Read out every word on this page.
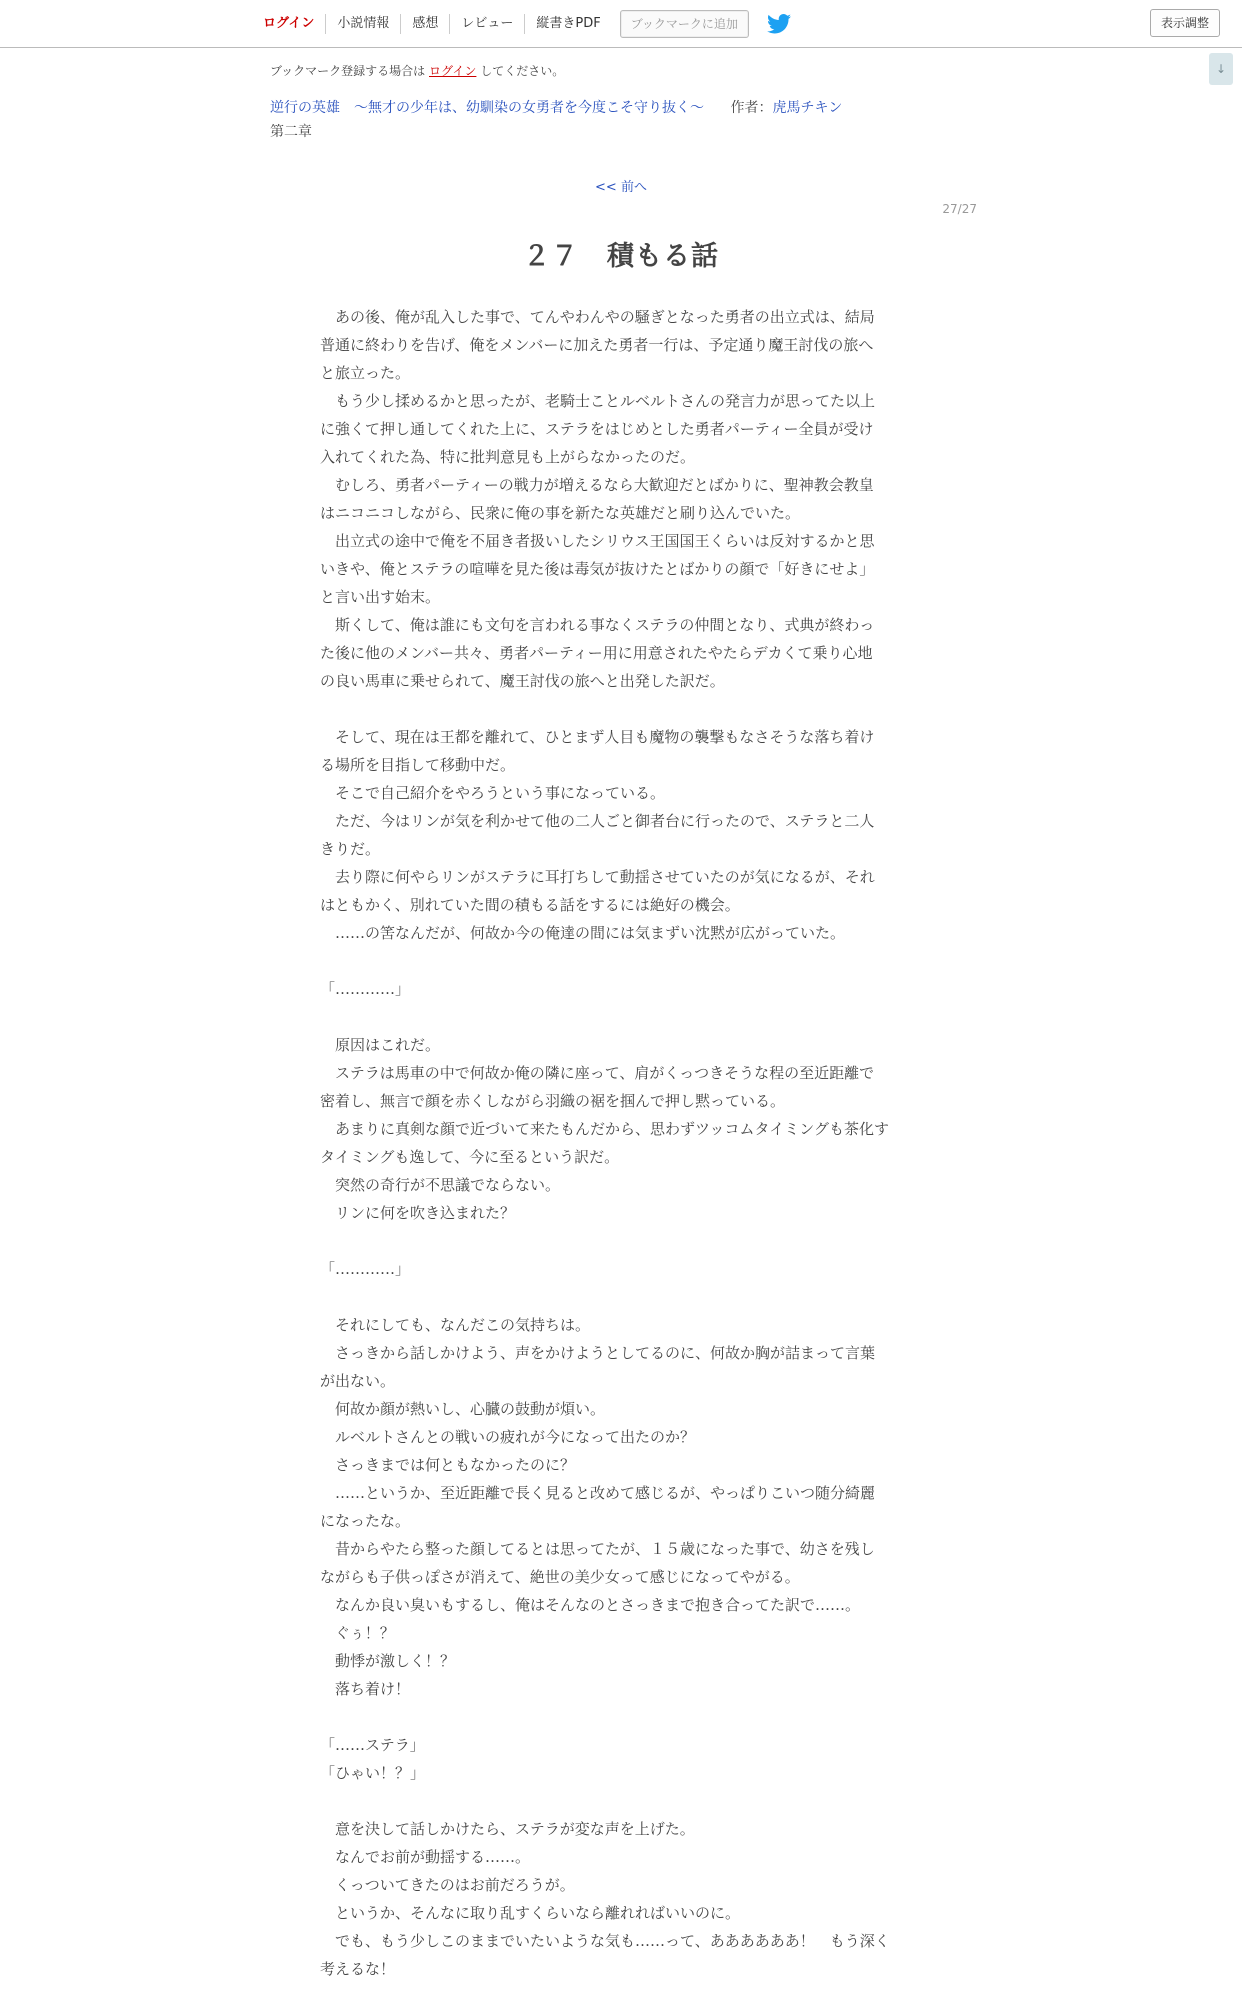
ログイン	小説情報	感想	レビュー	縦書きPDF	ブックマークに追加	表示調整
↓
ブックマーク登録する場合は ログイン してください。
逆行の英雄　～無才の少年は、幼馴染の女勇者を今度こそ守り抜く～ 作者：虎馬チキン
第二章
<< 前へ
27/27
２７　積もる話
　あの後、俺が乱入した事で、てんやわんやの騒ぎとなった勇者の出立式は、結局
普通に終わりを告げ、俺をメンバーに加えた勇者一行は、予定通り魔王討伐の旅へ
と旅立った。
　もう少し揉めるかと思ったが、老騎士ことルベルトさんの発言力が思ってた以上
に強くて押し通してくれた上に、ステラをはじめとした勇者パーティー全員が受け
入れてくれた為、特に批判意見も上がらなかったのだ。
　むしろ、勇者パーティーの戦力が増えるなら大歓迎だとばかりに、聖神教会教皇
はニコニコしながら、民衆に俺の事を新たな英雄だと刷り込んでいた。
　出立式の途中で俺を不届き者扱いしたシリウス王国国王くらいは反対するかと思
いきや、俺とステラの喧嘩を見た後は毒気が抜けたとばかりの顔で「好きにせよ」
と言い出す始末。
　斯くして、俺は誰にも文句を言われる事なくステラの仲間となり、式典が終わっ
た後に他のメンバー共々、勇者パーティー用に用意されたやたらデカくて乗り心地
の良い馬車に乗せられて、魔王討伐の旅へと出発した訳だ。
　そして、現在は王都を離れて、ひとまず人目も魔物の襲撃もなさそうな落ち着け
る場所を目指して移動中だ。
　そこで自己紹介をやろうという事になっている。
　ただ、今はリンが気を利かせて他の二人ごと御者台に行ったので、ステラと二人
きりだ。
　去り際に何やらリンがステラに耳打ちして動揺させていたのが気になるが、それ
はともかく、別れていた間の積もる話をするには絶好の機会。
　……の筈なんだが、何故か今の俺達の間には気まずい沈黙が広がっていた。
「…………」
　原因はこれだ。
　ステラは馬車の中で何故か俺の隣に座って、肩がくっつきそうな程の至近距離で
密着し、無言で顔を赤くしながら羽織の裾を掴んで押し黙っている。
　あまりに真剣な顔で近づいて来たもんだから、思わずツッコムタイミングも茶化す
タイミングも逸して、今に至るという訳だ。
　突然の奇行が不思議でならない。
　リンに何を吹き込まれた？
「…………」
　それにしても、なんだこの気持ちは。
　さっきから話しかけよう、声をかけようとしてるのに、何故か胸が詰まって言葉
が出ない。
　何故か顔が熱いし、心臓の鼓動が煩い。
　ルベルトさんとの戦いの疲れが今になって出たのか？
　さっきまでは何ともなかったのに？
　……というか、至近距離で長く見ると改めて感じるが、やっぱりこいつ随分綺麗
になったな。
　昔からやたら整った顔してるとは思ってたが、１５歳になった事で、幼さを残し
ながらも子供っぽさが消えて、絶世の美少女って感じになってやがる。
　なんか良い臭いもするし、俺はそんなのとさっきまで抱き合ってた訳で……。
　ぐぅ！？
　動悸が激しく！？
　落ち着け！
「……ステラ」
「ひゃい！？」
　意を決して話しかけたら、ステラが変な声を上げた。
　なんでお前が動揺する……。
　くっついてきたのはお前だろうが。
　というか、そんなに取り乱すくらいなら離れればいいのに。
　でも、もう少しこのままでいたいような気も……って、ああああああ！　もう深く
考えるな！
